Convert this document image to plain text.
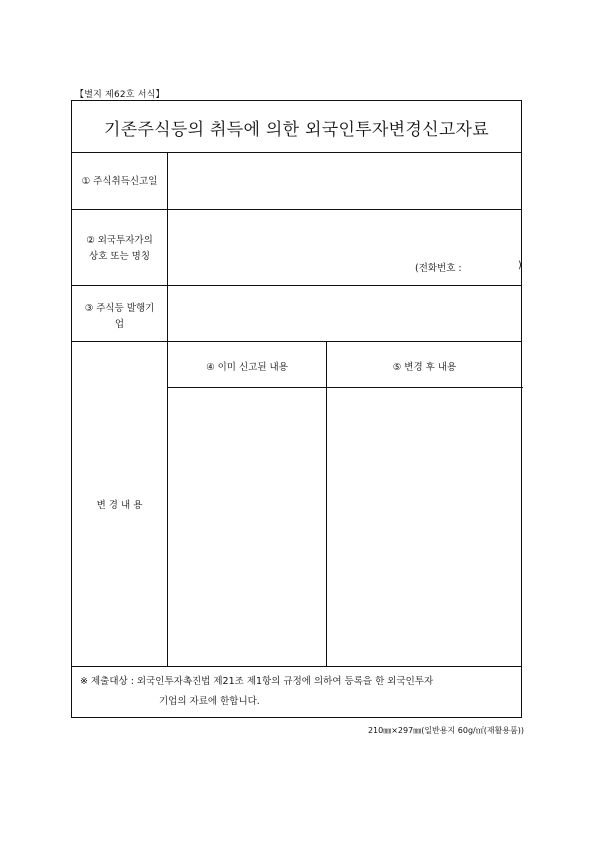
【별지 제62호 서식】
기존주식등의 취득에 의한 외국인투자변경신고자료
① 주식취득신고일
② 외국투자가의
상호 또는 명칭
(전화번호 :	)
③ 주식등 발행기
업
④ 이미 신고된 내용	⑤ 변경 후 내용
변 경 내 용
※ 제출대상 : 외국인투자촉진법 제21조 제1항의 규정에 의하여 등록을 한 외국인투자
기업의 자료에 한합니다.
210㎜×297㎜(일반용지 60g/㎡(재활용품))
